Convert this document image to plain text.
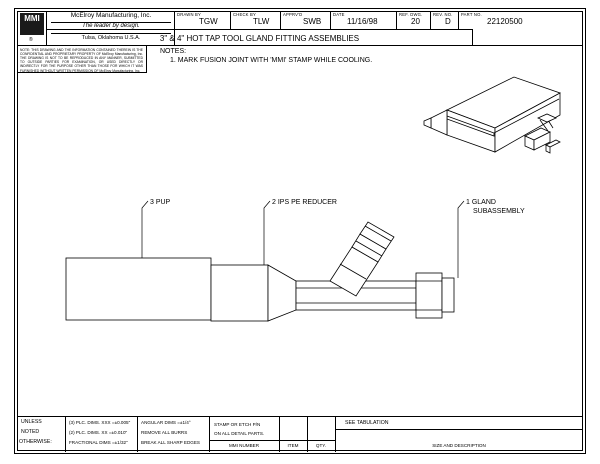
MMI
®
McElroy Manufacturing, Inc.
The leader by design.
Tulsa, Oklahoma U.S.A.
DRAWN BY
TGW
CHECK BY
TLW
APPRV'D
SWB
DATE
11/16/98
REF. DWG.
20
REV. NO.
D
PART NO.
22120500
3" & 4" HOT TAP TOOL GLAND FITTING ASSEMBLIES

NOTE: THIS DRAWING AND THE INFORMATION CONTAINED THEREIN IS THE CONFIDENTIAL AND PROPRIETARY PROPERTY OF McElroy Manufacturing, Inc. THE DRAWING IS NOT TO BE REPRODUCED IN ANY MANNER, SUBMITTED TO OUTSIDE PARTIES FOR EXAMINATION, OR USED DIRECTLY OR INDIRECTLY FOR THE PURPOSE OTHER THAN THOSE FOR WHICH IT WAS FURNISHED WITHOUT WRITTEN PERMISSION OF McElroy Manufacturing, Inc.

NOTES:
1. MARK FUSION JOINT WITH 'MMI' STAMP WHILE COOLING.
3 PUP	2 IPS PE REDUCER	1 GLAND
SUBASSEMBLY
UNLESS
NOTED
OTHERWISE:
(3) PLC. DIMS. XXX =±0.005"
(2) PLC. DIMS. XX =±0.010"
FRACTIONAL DIMS =±1/32"
ANGULAR DIMS =±1/4°
REMOVE ALL BURRS
BREAK ALL SHARP EDGES
STAMP OR ETCH P/N
ON ALL DETAIL PARTS.
MMI NUMBER	ITEM	QTY.
SEE TABULATION
SIZE AND DESCRIPTION
